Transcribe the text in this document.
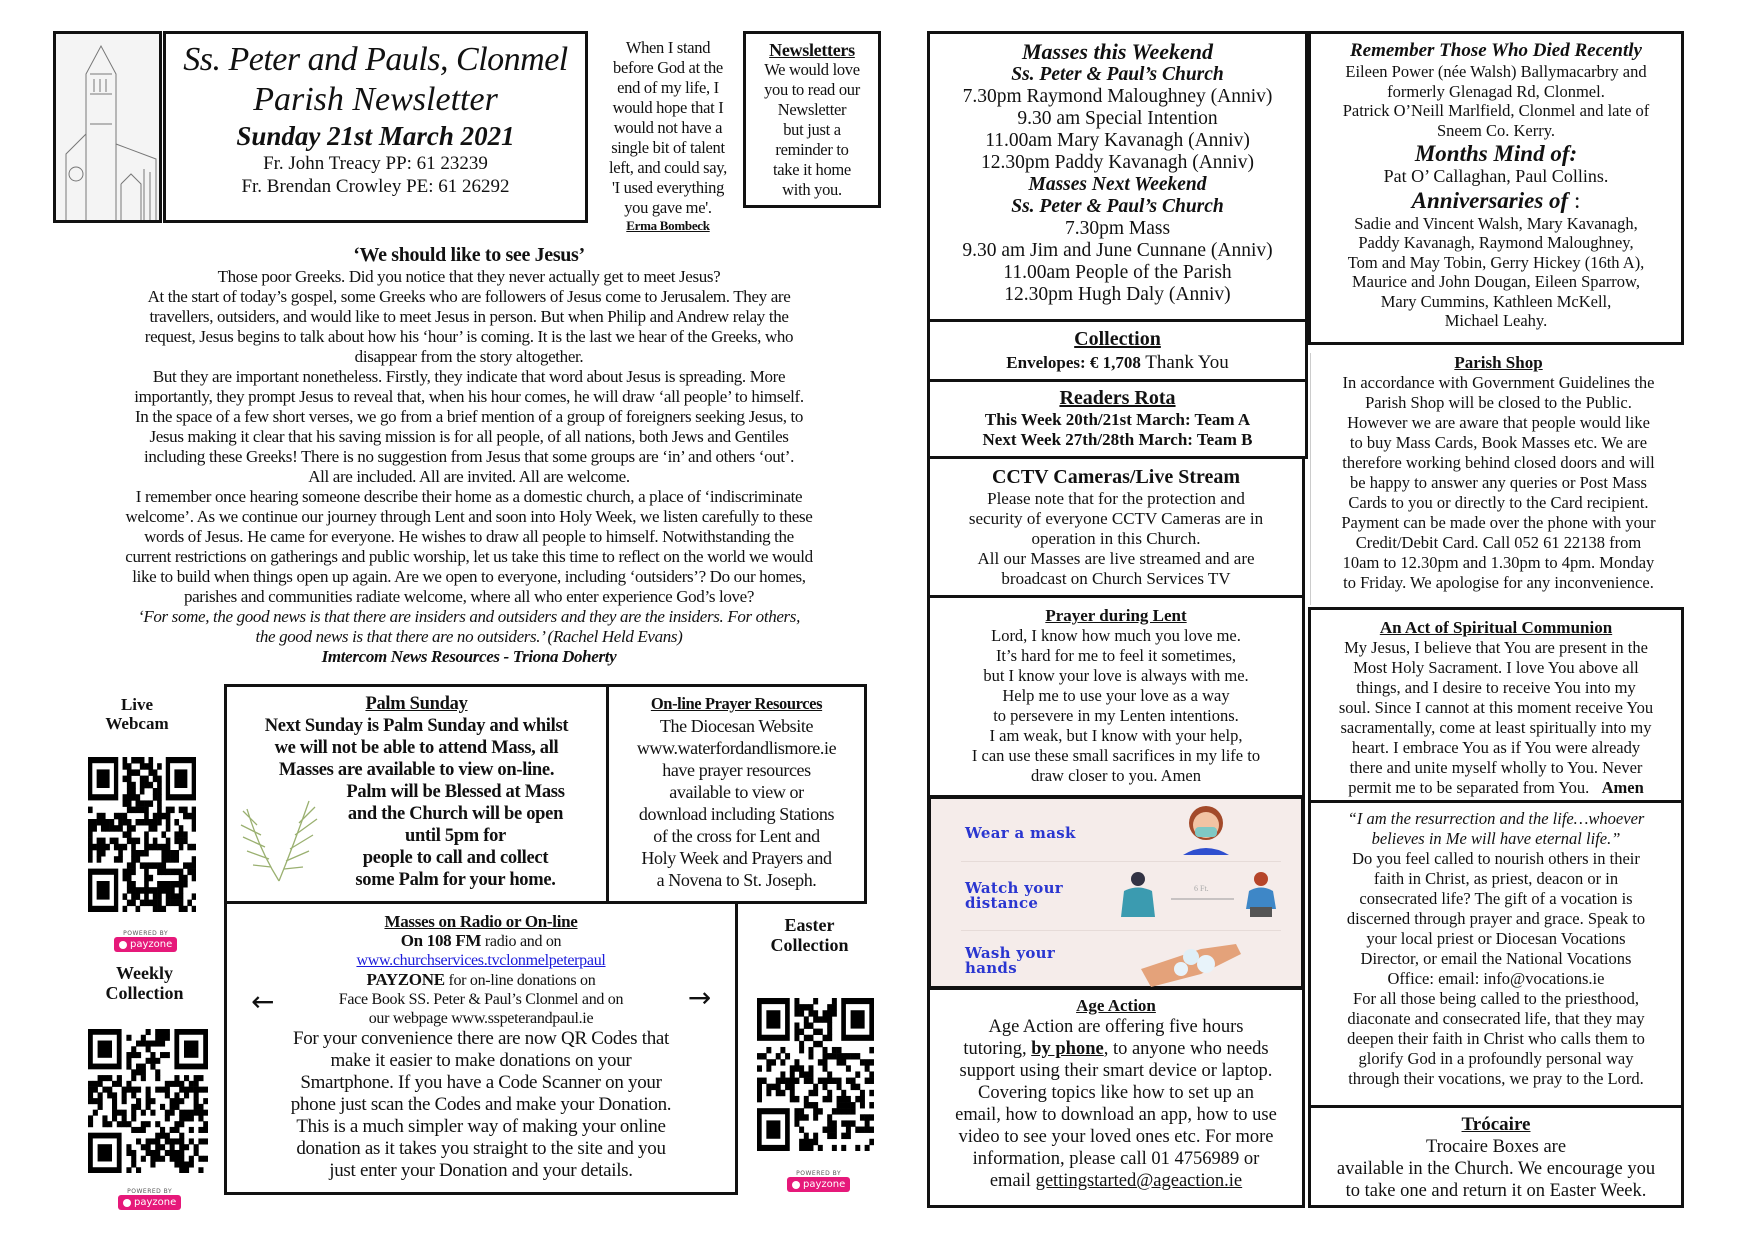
Ss. Peter and Pauls, Clonmel
Parish Newsletter
Sunday 21st March 2021
Fr. John Treacy PP: 61 23239
Fr. Brendan Crowley PE: 61 26292
When I stand
before God at the
end of my life, I
would hope that I
would not have a
single bit of talent
left, and could say,
'I used everything
you gave me'.
Erma Bombeck
Newsletters
We would love
you to read our
Newsletter
but just a
reminder to
take it home
with you.
‘We should like to see Jesus’
Those poor Greeks. Did you notice that they never actually get to meet Jesus?
At the start of today’s gospel, some Greeks who are followers of Jesus come to Jerusalem. They are
travellers, outsiders, and would like to meet Jesus in person. But when Philip and Andrew relay the
request, Jesus begins to talk about how his ‘hour’ is coming. It is the last we hear of the Greeks, who
disappear from the story altogether.
But they are important nonetheless. Firstly, they indicate that word about Jesus is spreading. More
importantly, they prompt Jesus to reveal that, when his hour comes, he will draw ‘all people’ to himself.
In the space of a few short verses, we go from a brief mention of a group of foreigners seeking Jesus, to
Jesus making it clear that his saving mission is for all people, of all nations, both Jews and Gentiles
including these Greeks! There is no suggestion from Jesus that some groups are ‘in’ and others ‘out’.
All are included. All are invited. All are welcome.
I remember once hearing someone describe their home as a domestic church, a place of ‘indiscriminate
welcome’. As we continue our journey through Lent and soon into Holy Week, we listen carefully to these
words of Jesus. He came for everyone. He wishes to draw all people to himself. Notwithstanding the
current restrictions on gatherings and public worship, let us take this time to reflect on the world we would
like to build when things open up again. Are we open to everyone, including ‘outsiders’? Do our homes,
parishes and communities radiate welcome, where all who enter experience God’s love?
‘For some, the good news is that there are insiders and outsiders and they are the insiders. For others,
the good news is that there are no outsiders.’ (Rachel Held Evans)
Imtercom News Resources - Triona Doherty
Live
Webcam
POWERED BY
payzone
Weekly
Collection
POWERED BY
payzone
Palm Sunday
Next Sunday is Palm Sunday and whilst
we will not be able to attend Mass, all
Masses are available to view on-line.
Palm will be Blessed at Mass
and the Church will be open
until 5pm for
people to call and collect
some Palm for your home.
On-line Prayer Resources
The Diocesan Website
www.waterfordandlismore.ie
have prayer resources
available to view or
download including Stations
of the cross for Lent and
Holy Week and Prayers and
a Novena to St. Joseph.
Masses on Radio or On-line
On 108 FM radio and on
www.churchservices.tvclonmelpeterpaul
PAYZONE for on-line donations on
Face Book SS. Peter & Paul’s Clonmel and on
our webpage www.sspeterandpaul.ie
For your convenience there are now QR Codes that
make it easier to make donations on your
Smartphone. If you have a Code Scanner on your
phone just scan the Codes and make your Donation.
This is a much simpler way of making your online
donation as it takes you straight to the site and you
just enter your Donation and your details.
←	→
Easter
Collection
POWERED BY
payzone
Masses this Weekend
Ss. Peter & Paul’s Church
7.30pm Raymond Maloughney (Anniv)
9.30 am Special Intention
11.00am Mary Kavanagh (Anniv)
12.30pm Paddy Kavanagh (Anniv)
Masses Next Weekend
Ss. Peter & Paul’s Church
7.30pm Mass
9.30 am Jim and June Cunnane (Anniv)
11.00am People of the Parish
12.30pm Hugh Daly (Anniv)
Collection
Envelopes: € 1,708 Thank You
Readers Rota
This Week 20th/21st March: Team A
Next Week 27th/28th March: Team B
CCTV Cameras/Live Stream
Please note that for the protection and
security of everyone CCTV Cameras are in
operation in this Church.
All our Masses are live streamed and are
broadcast on Church Services TV
Prayer during Lent
Lord, I know how much you love me.
It’s hard for me to feel it sometimes,
but I know your love is always with me.
Help me to use your love as a way
to persevere in my Lenten intentions.
I am weak, but I know with your help,
I can use these small sacrifices in my life to
draw closer to you. Amen
Wear a mask
Watch your
distance
Wash your
hands
6 Ft.
Age Action
Age Action are offering five hours
tutoring, by phone, to anyone who needs
support using their smart device or laptop.
Covering topics like how to set up an
email, how to download an app, how to use
video to see your loved ones etc. For more
information, please call 01 4756989 or
email gettingstarted@ageaction.ie
Remember Those Who Died Recently
Eileen Power (née Walsh) Ballymacarbry and
formerly Glenagad Rd, Clonmel.
Patrick O’Neill Marlfield, Clonmel and late of
Sneem Co. Kerry.
Months Mind of:
Pat O’ Callaghan, Paul Collins.
Anniversaries of :
Sadie and Vincent Walsh, Mary Kavanagh,
Paddy Kavanagh, Raymond Maloughney,
Tom and May Tobin, Gerry Hickey (16th A),
Maurice and John Dougan, Eileen Sparrow,
Mary Cummins, Kathleen McKell,
Michael Leahy.
Parish Shop
In accordance with Government Guidelines the
Parish Shop will be closed to the Public.
However we are aware that people would like
to buy Mass Cards, Book Masses etc. We are
therefore working behind closed doors and will
be happy to answer any queries or Post Mass
Cards to you or directly to the Card recipient.
Payment can be made over the phone with your
Credit/Debit Card. Call 052 61 22138 from
10am to 12.30pm and 1.30pm to 4pm. Monday
to Friday. We apologise for any inconvenience.
An Act of Spiritual Communion
My Jesus, I believe that You are present in the
Most Holy Sacrament. I love You above all
things, and I desire to receive You into my
soul. Since I cannot at this moment receive You
sacramentally, come at least spiritually into my
heart. I embrace You as if You were already
there and unite myself wholly to You. Never
permit me to be separated from You.   Amen
“I am the resurrection and the life…whoever
believes in Me will have eternal life.”
Do you feel called to nourish others in their
faith in Christ, as priest, deacon or in
consecrated life? The gift of a vocation is
discerned through prayer and grace. Speak to
your local priest or Diocesan Vocations
Director, or email the National Vocations
Office: email: info@vocations.ie
For all those being called to the priesthood,
diaconate and consecrated life, that they may
deepen their faith in Christ who calls them to
glorify God in a profoundly personal way
through their vocations, we pray to the Lord.
Trócaire
Trocaire Boxes are
available in the Church. We encourage you
to take one and return it on Easter Week.
